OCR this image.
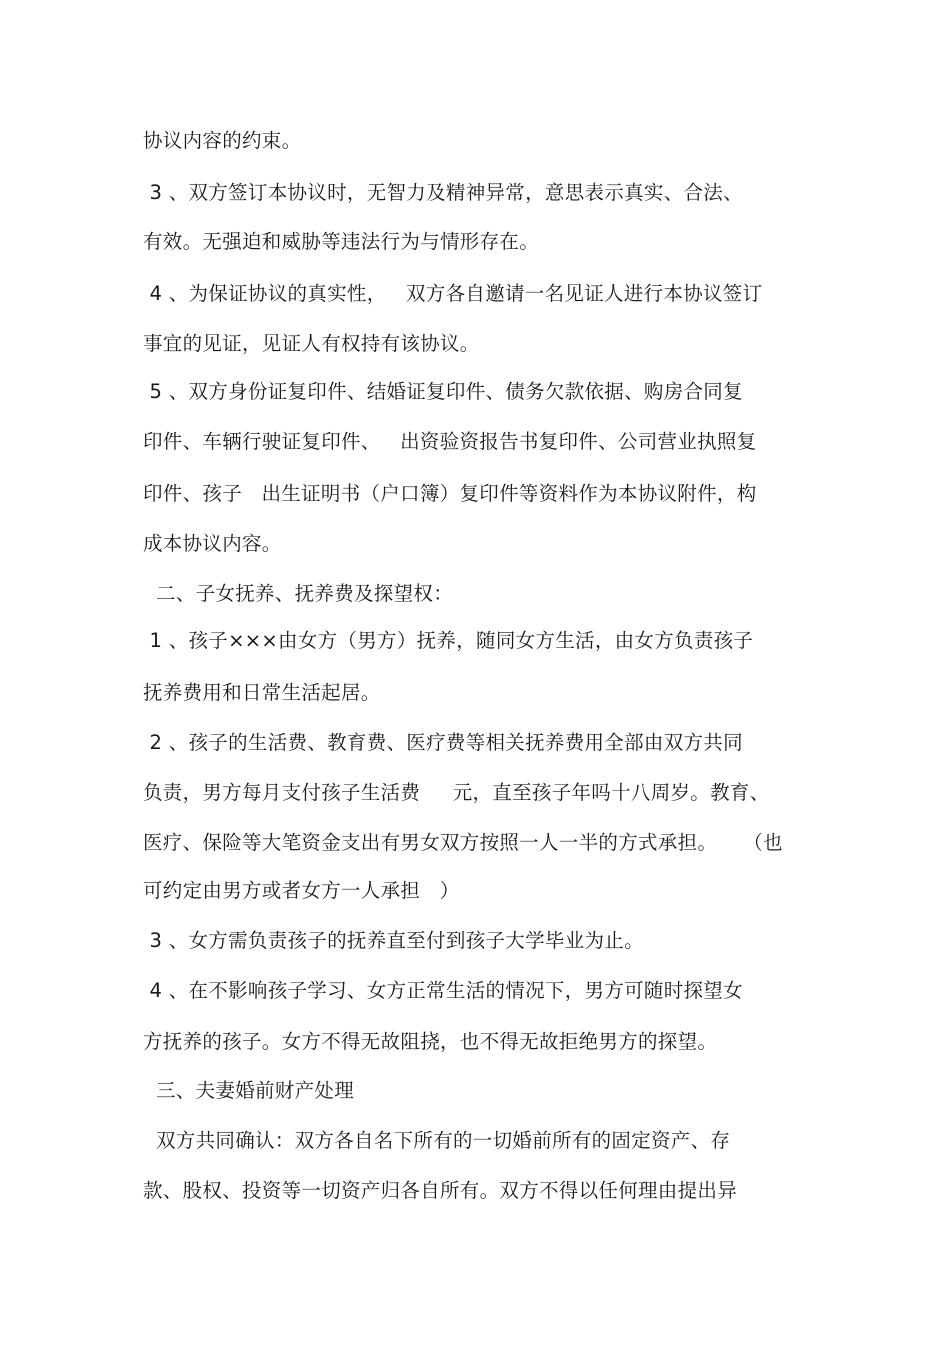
协议内容的约束。
3 、双方签订本协议时，无智力及精神异常，意思表示真实、合法、
有效。无强迫和威胁等违法行为与情形存在。
4 、为保证协议的真实性，   双方各自邀请一名见证人进行本协议签订
事宜的见证，见证人有权持有该协议。
5 、双方身份证复印件、结婚证复印件、债务欠款依据、购房合同复
印件、车辆行驶证复印件、   出资验资报告书复印件、公司营业执照复
印件、孩子   出生证明书（户口簿）复印件等资料作为本协议附件，构
成本协议内容。
二、子女抚养、抚养费及探望权：
1 、孩子×××由女方（男方）抚养，随同女方生活，由女方负责孩子
抚养费用和日常生活起居。
2 、孩子的生活费、教育费、医疗费等相关抚养费用全部由双方共同
负责，男方每月支付孩子生活费     元，直至孩子年吗十八周岁。教育、
医疗、保险等大笔资金支出有男女双方按照一人一半的方式承担。    （也
可约定由男方或者女方一人承担   ）
3 、女方需负责孩子的抚养直至付到孩子大学毕业为止。
4 、在不影响孩子学习、女方正常生活的情况下，男方可随时探望女
方抚养的孩子。女方不得无故阻挠，也不得无故拒绝男方的探望。
三、夫妻婚前财产处理
双方共同确认：双方各自名下所有的一切婚前所有的固定资产、存
款、股权、投资等一切资产归各自所有。双方不得以任何理由提出异
